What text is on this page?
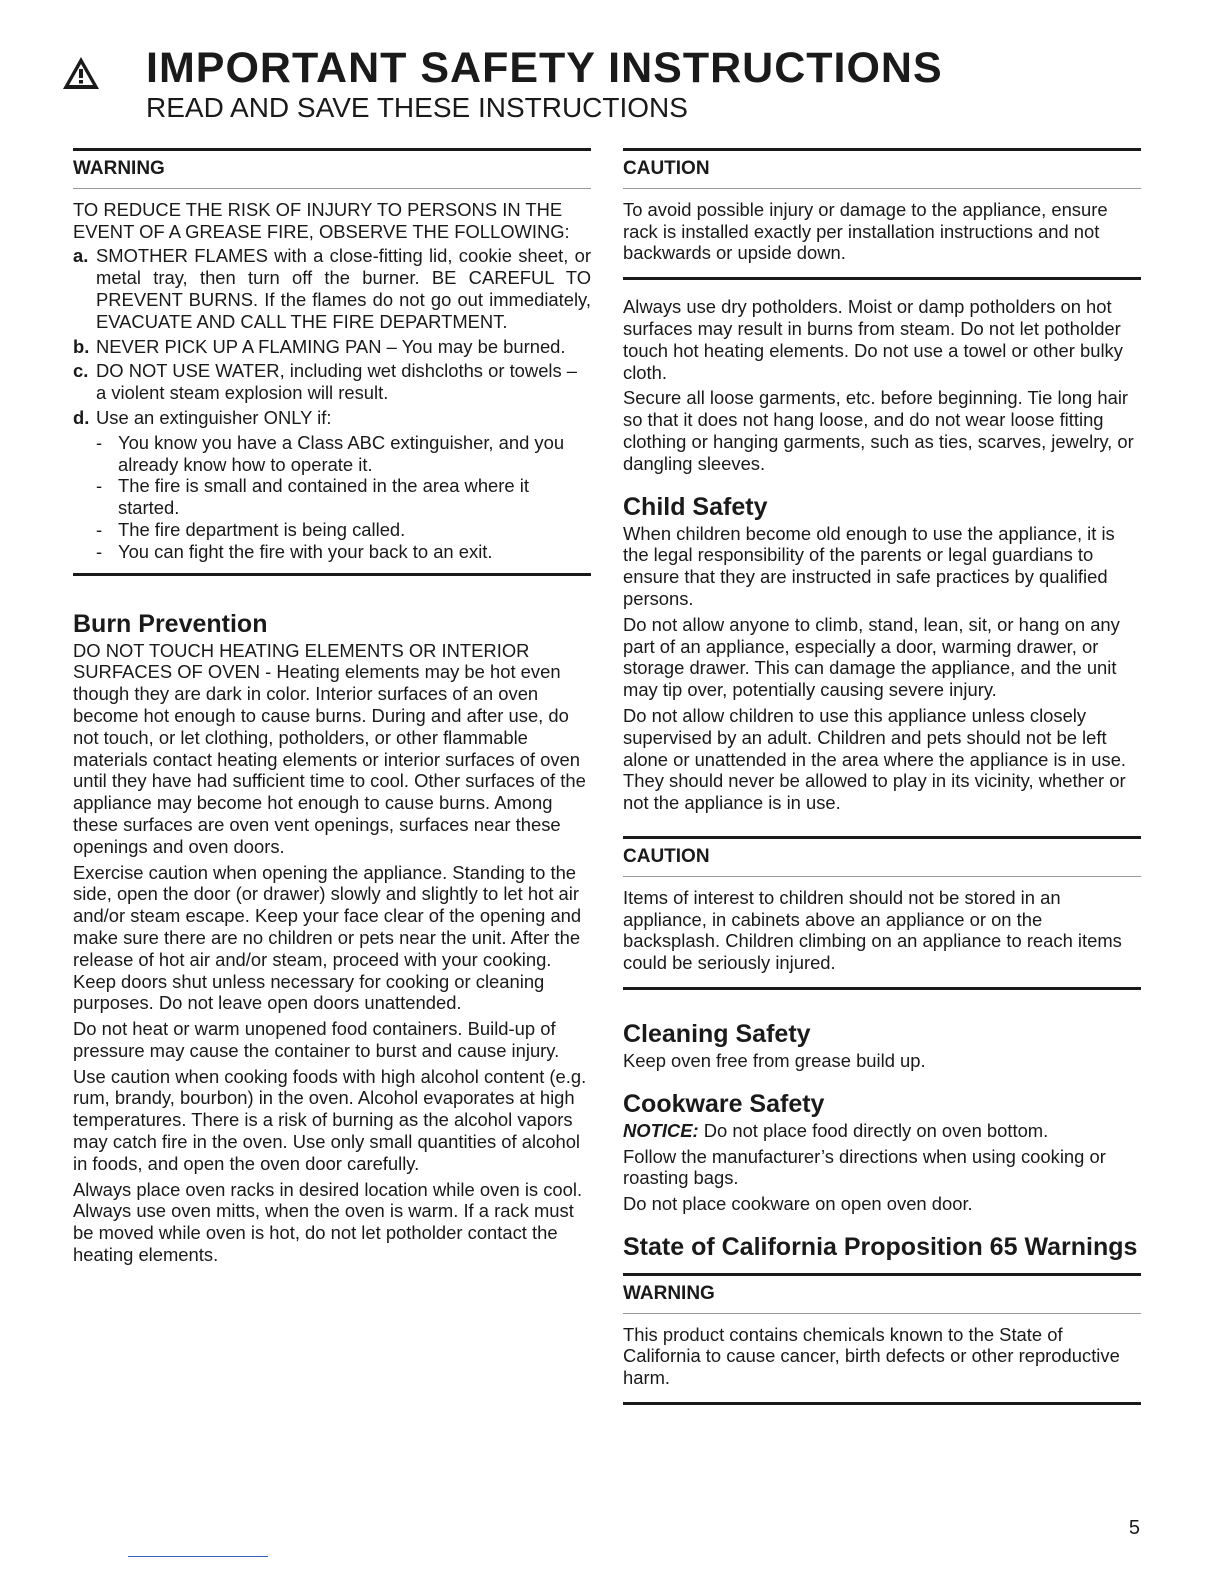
IMPORTANT SAFETY INSTRUCTIONS
READ AND SAVE THESE INSTRUCTIONS
WARNING

TO REDUCE THE RISK OF INJURY TO PERSONS IN THE EVENT OF A GREASE FIRE, OBSERVE THE FOLLOWING:

a. SMOTHER FLAMES with a close-fitting lid, cookie sheet, or metal tray, then turn off the burner. BE CAREFUL TO PREVENT BURNS. If the flames do not go out immediately, EVACUATE AND CALL THE FIRE DEPARTMENT.
b. NEVER PICK UP A FLAMING PAN – You may be burned.
c. DO NOT USE WATER, including wet dishcloths or towels – a violent steam explosion will result.
d. Use an extinguisher ONLY if:
- You know you have a Class ABC extinguisher, and you already know how to operate it.
- The fire is small and contained in the area where it started.
- The fire department is being called.
- You can fight the fire with your back to an exit.
Burn Prevention

DO NOT TOUCH HEATING ELEMENTS OR INTERIOR SURFACES OF OVEN - Heating elements may be hot even though they are dark in color. Interior surfaces of an oven become hot enough to cause burns. During and after use, do not touch, or let clothing, potholders, or other flammable materials contact heating elements or interior surfaces of oven until they have had sufficient time to cool. Other surfaces of the appliance may become hot enough to cause burns. Among these surfaces are oven vent openings, surfaces near these openings and oven doors.

Exercise caution when opening the appliance. Standing to the side, open the door (or drawer) slowly and slightly to let hot air and/or steam escape. Keep your face clear of the opening and make sure there are no children or pets near the unit. After the release of hot air and/or steam, proceed with your cooking. Keep doors shut unless necessary for cooking or cleaning purposes. Do not leave open doors unattended.

Do not heat or warm unopened food containers. Build-up of pressure may cause the container to burst and cause injury.

Use caution when cooking foods with high alcohol content (e.g. rum, brandy, bourbon) in the oven. Alcohol evaporates at high temperatures. There is a risk of burning as the alcohol vapors may catch fire in the oven. Use only small quantities of alcohol in foods, and open the oven door carefully.

Always place oven racks in desired location while oven is cool. Always use oven mitts, when the oven is warm. If a rack must be moved while oven is hot, do not let potholder contact the heating elements.

CAUTION

To avoid possible injury or damage to the appliance, ensure rack is installed exactly per installation instructions and not backwards or upside down.

Always use dry potholders. Moist or damp potholders on hot surfaces may result in burns from steam. Do not let potholder touch hot heating elements. Do not use a towel or other bulky cloth.

Secure all loose garments, etc. before beginning. Tie long hair so that it does not hang loose, and do not wear loose fitting clothing or hanging garments, such as ties, scarves, jewelry, or dangling sleeves.

Child Safety

When children become old enough to use the appliance, it is the legal responsibility of the parents or legal guardians to ensure that they are instructed in safe practices by qualified persons.

Do not allow anyone to climb, stand, lean, sit, or hang on any part of an appliance, especially a door, warming drawer, or storage drawer. This can damage the appliance, and the unit may tip over, potentially causing severe injury.

Do not allow children to use this appliance unless closely supervised by an adult. Children and pets should not be left alone or unattended in the area where the appliance is in use. They should never be allowed to play in its vicinity, whether or not the appliance is in use.

CAUTION

Items of interest to children should not be stored in an appliance, in cabinets above an appliance or on the backsplash. Children climbing on an appliance to reach items could be seriously injured.

Cleaning Safety

Keep oven free from grease build up.

Cookware Safety

NOTICE: Do not place food directly on oven bottom.

Follow the manufacturer’s directions when using cooking or roasting bags.

Do not place cookware on open oven door.

State of California Proposition 65 Warnings
WARNING

This product contains chemicals known to the State of California to cause cancer, birth defects or other reproductive harm.

5
